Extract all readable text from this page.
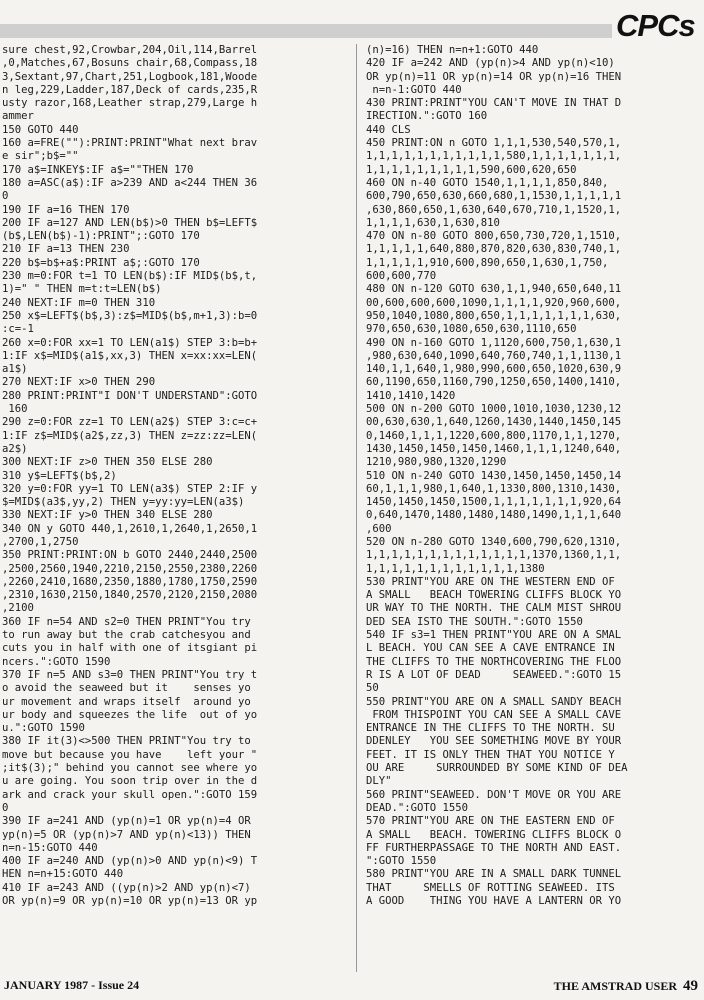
CPCs
sure chest,92,Crowbar,204,Oil,114,Barrel
,0,Matches,67,Bosuns chair,68,Compass,18
3,Sextant,97,Chart,251,Logbook,181,Woode
n leg,229,Ladder,187,Deck of cards,235,R
usty razor,168,Leather strap,279,Large h
ammer
150 GOTO 440
160 a=FRE(""):PRINT:PRINT"What next brav
e sir";b$=""
170 a$=INKEY$:IF a$=""THEN 170
180 a=ASC(a$):IF a>239 AND a<244 THEN 36
0
190 IF a=16 THEN 170
200 IF a=127 AND LEN(b$)>0 THEN b$=LEFT$
(b$,LEN(b$)-1):PRINT";:GOTO 170
210 IF a=13 THEN 230
220 b$=b$+a$:PRINT a$;:GOTO 170
230 m=0:FOR t=1 TO LEN(b$):IF MID$(b$,t,
1)=" " THEN m=t:t=LEN(b$)
240 NEXT:IF m=0 THEN 310
250 x$=LEFT$(b$,3):z$=MID$(b$,m+1,3):b=0
:c=-1
260 x=0:FOR xx=1 TO LEN(a1$) STEP 3:b=b+
1:IF x$=MID$(a1$,xx,3) THEN x=xx:xx=LEN(
a1$)
270 NEXT:IF x>0 THEN 290
280 PRINT:PRINT"I DON'T UNDERSTAND":GOTO
160
290 z=0:FOR zz=1 TO LEN(a2$) STEP 3:c=c+
1:IF z$=MID$(a2$,zz,3) THEN z=zz:zz=LEN(
a2$)
300 NEXT:IF z>0 THEN 350 ELSE 280
310 y$=LEFT$(b$,2)
320 y=0:FOR yy=1 TO LEN(a3$) STEP 2:IF y
$=MID$(a3$,yy,2) THEN y=yy:yy=LEN(a3$)
330 NEXT:IF y>0 THEN 340 ELSE 280
340 ON y GOTO 440,1,2610,1,2640,1,2650,1
,2700,1,2750
350 PRINT:PRINT:ON b GOTO 2440,2440,2500
,2500,2560,1940,2210,2150,2550,2380,2260
,2260,2410,1680,2350,1880,1780,1750,2590
,2310,1630,2150,1840,2570,2120,2150,2080
,2100
360 IF n=54 AND s2=0 THEN PRINT"You try
to run away but the crab catchesyou and
cuts you in half with one of itsgiant pi
ncers.":GOTO 1590
370 IF n=5 AND s3=0 THEN PRINT"You try t
o avoid the seaweed but it    senses yo
ur movement and wraps itself  around yo
ur body and squeezes the life  out of yo
u.":GOTO 1590
380 IF it(3)<>500 THEN PRINT"You try to
move but because you have    left your "
;it$(3);" behind you cannot see where yo
u are going. You soon trip over in the d
ark and crack your skull open.":GOTO 159
0
390 IF a=241 AND (yp(n)=1 OR yp(n)=4 OR
yp(n)=5 OR (yp(n)>7 AND yp(n)<13)) THEN
n=n-15:GOTO 440
400 IF a=240 AND (yp(n)>0 AND yp(n)<9) T
HEN n=n+15:GOTO 440
410 IF a=243 AND ((yp(n)>2 AND yp(n)<7)
OR yp(n)=9 OR yp(n)=10 OR yp(n)=13 OR yp
(n)=16) THEN n=n+1:GOTO 440
420 IF a=242 AND (yp(n)>4 AND yp(n)<10)
OR yp(n)=11 OR yp(n)=14 OR yp(n)=16 THEN
n=n-1:GOTO 440
430 PRINT:PRINT"YOU CAN'T MOVE IN THAT D
IRECTION.":GOTO 160
440 CLS
450 PRINT:ON n GOTO 1,1,1,530,540,570,1,
1,1,1,1,1,1,1,1,1,1,1,580,1,1,1,1,1,1,1,
1,1,1,1,1,1,1,1,1,590,600,620,650
460 ON n-40 GOTO 1540,1,1,1,1,850,840,
600,790,650,630,660,680,1,1530,1,1,1,1,1
,630,860,650,1,630,640,670,710,1,1520,1,
1,1,1,1,630,1,630,810
470 ON n-80 GOTO 800,650,730,720,1,1510,
1,1,1,1,1,640,880,870,820,630,830,740,1,
1,1,1,1,1,910,600,890,650,1,630,1,750,
600,600,770
480 ON n-120 GOTO 630,1,1,940,650,640,11
00,600,600,600,1090,1,1,1,1,920,960,600,
950,1040,1080,800,650,1,1,1,1,1,1,1,630,
970,650,630,1080,650,630,1110,650
490 ON n-160 GOTO 1,1120,600,750,1,630,1
,980,630,640,1090,640,760,740,1,1,1130,1
140,1,1,640,1,980,990,600,650,1020,630,9
60,1190,650,1160,790,1250,650,1400,1410,
1410,1410,1420
500 ON n-200 GOTO 1000,1010,1030,1230,12
00,630,630,1,640,1260,1430,1440,1450,145
0,1460,1,1,1,1220,600,800,1170,1,1,1270,
1430,1450,1450,1450,1460,1,1,1,1240,640,
1210,980,980,1320,1290
510 ON n-240 GOTO 1430,1450,1450,1450,14
60,1,1,1,980,1,640,1,1330,800,1310,1430,
1450,1450,1450,1500,1,1,1,1,1,1,1,920,64
0,640,1470,1480,1480,1480,1490,1,1,1,640
,600
520 ON n-280 GOTO 1340,600,790,620,1310,
1,1,1,1,1,1,1,1,1,1,1,1,1,1370,1360,1,1,
1,1,1,1,1,1,1,1,1,1,1,1,1380
530 PRINT"YOU ARE ON THE WESTERN END OF
A SMALL   BEACH TOWERING CLIFFS BLOCK YO
UR WAY TO THE NORTH. THE CALM MIST SHROU
DED SEA ISTO THE SOUTH.":GOTO 1550
540 IF s3=1 THEN PRINT"YOU ARE ON A SMAL
L BEACH. YOU CAN SEE A CAVE ENTRANCE IN
THE CLIFFS TO THE NORTHCOVERING THE FLOO
R IS A LOT OF DEAD     SEAWEED.":GOTO 15
50
550 PRINT"YOU ARE ON A SMALL SANDY BEACH
FROM THISPOINT YOU CAN SEE A SMALL CAVE
ENTRANCE IN THE CLIFFS TO THE NORTH. SU
DDENLEY   YOU SEE SOMETHING MOVE BY YOUR
FEET. IT IS ONLY THEN THAT YOU NOTICE Y
OU ARE     SURROUNDED BY SOME KIND OF DEA
DLY"
560 PRINT"SEAWEED. DON'T MOVE OR YOU ARE
DEAD.":GOTO 1550
570 PRINT"YOU ARE ON THE EASTERN END OF
A SMALL   BEACH. TOWERING CLIFFS BLOCK O
FF FURTHERPASSAGE TO THE NORTH AND EAST.
":GOTO 1550
580 PRINT"YOU ARE IN A SMALL DARK TUNNEL
THAT     SMELLS OF ROTTING SEAWEED. ITS
A GOOD    THING YOU HAVE A LANTERN OR YO
JANUARY 1987 - Issue 24	THE AMSTRAD USER 49
